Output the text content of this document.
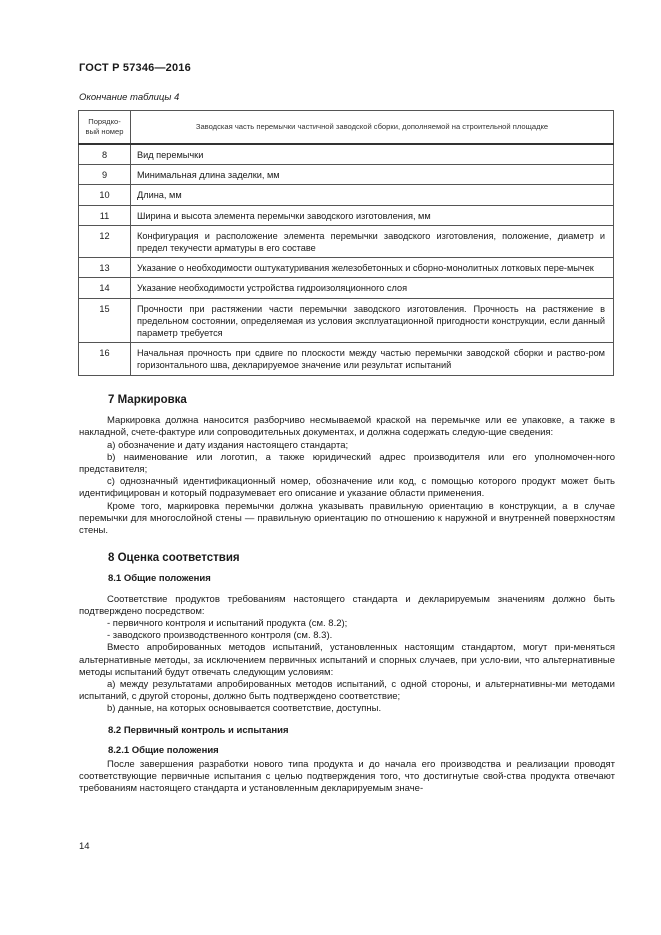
ГОСТ Р 57346—2016
Окончание таблицы 4
Порядко-вый номер	Заводская часть перемычки частичной заводской сборки, дополняемой на строительной площадке
8	Вид перемычки
9	Минимальная длина заделки, мм
10	Длина, мм
11	Ширина и высота элемента перемычки заводского изготовления, мм
12	Конфигурация и расположение элемента перемычки заводского изготовления, положение, диаметр и предел текучести арматуры в его составе
13	Указание о необходимости оштукатуривания железобетонных и сборно-монолитных лотковых пере-мычек
14	Указание необходимости устройства гидроизоляционного слоя
15	Прочности при растяжении части перемычки заводского изготовления. Прочность на растяжение в предельном состоянии, определяемая из условия эксплуатационной пригодности конструкции, если данный параметр требуется
16	Начальная прочность при сдвиге по плоскости между частью перемычки заводской сборки и раство-ром горизонтального шва, декларируемое значение или результат испытаний
7 Маркировка

Маркировка должна наносится разборчиво несмываемой краской на перемычке или ее упаковке, а также в накладной, счете-фактуре или сопроводительных документах, и должна содержать следую-щие сведения:

a) обозначение и дату издания настоящего стандарта;

b) наименование или логотип, а также юридический адрес производителя или его уполномочен-ного представителя;

c) однозначный идентификационный номер, обозначение или код, с помощью которого продукт может быть идентифицирован и который подразумевает его описание и указание области применения.

Кроме того, маркировка перемычки должна указывать правильную ориентацию в конструкции, а в случае перемычки для многослойной стены — правильную ориентацию по отношению к наружной и внутренней поверхностям стены.

8 Оценка соответствия
8.1 Общие положения

Соответствие продуктов требованиям настоящего стандарта и декларируемым значениям должно быть подтверждено посредством:

- первичного контроля и испытаний продукта (см. 8.2);

- заводского производственного контроля (см. 8.3).

Вместо апробированных методов испытаний, установленных настоящим стандартом, могут при-меняться альтернативные методы, за исключением первичных испытаний и спорных случаев, при усло-вии, что альтернативные методы испытаний будут отвечать следующим условиям:

a) между результатами апробированных методов испытаний, с одной стороны, и альтернативны-ми методами испытаний, с другой стороны, должно быть подтверждено соответствие;

b) данные, на которых основывается соответствие, доступны.

8.2 Первичный контроль и испытания
8.2.1 Общие положения

После завершения разработки нового типа продукта и до начала его производства и реализации проводят соответствующие первичные испытания с целью подтверждения того, что достигнутые свой-ства продукта отвечают требованиям настоящего стандарта и установленным декларируемым значе-

14
